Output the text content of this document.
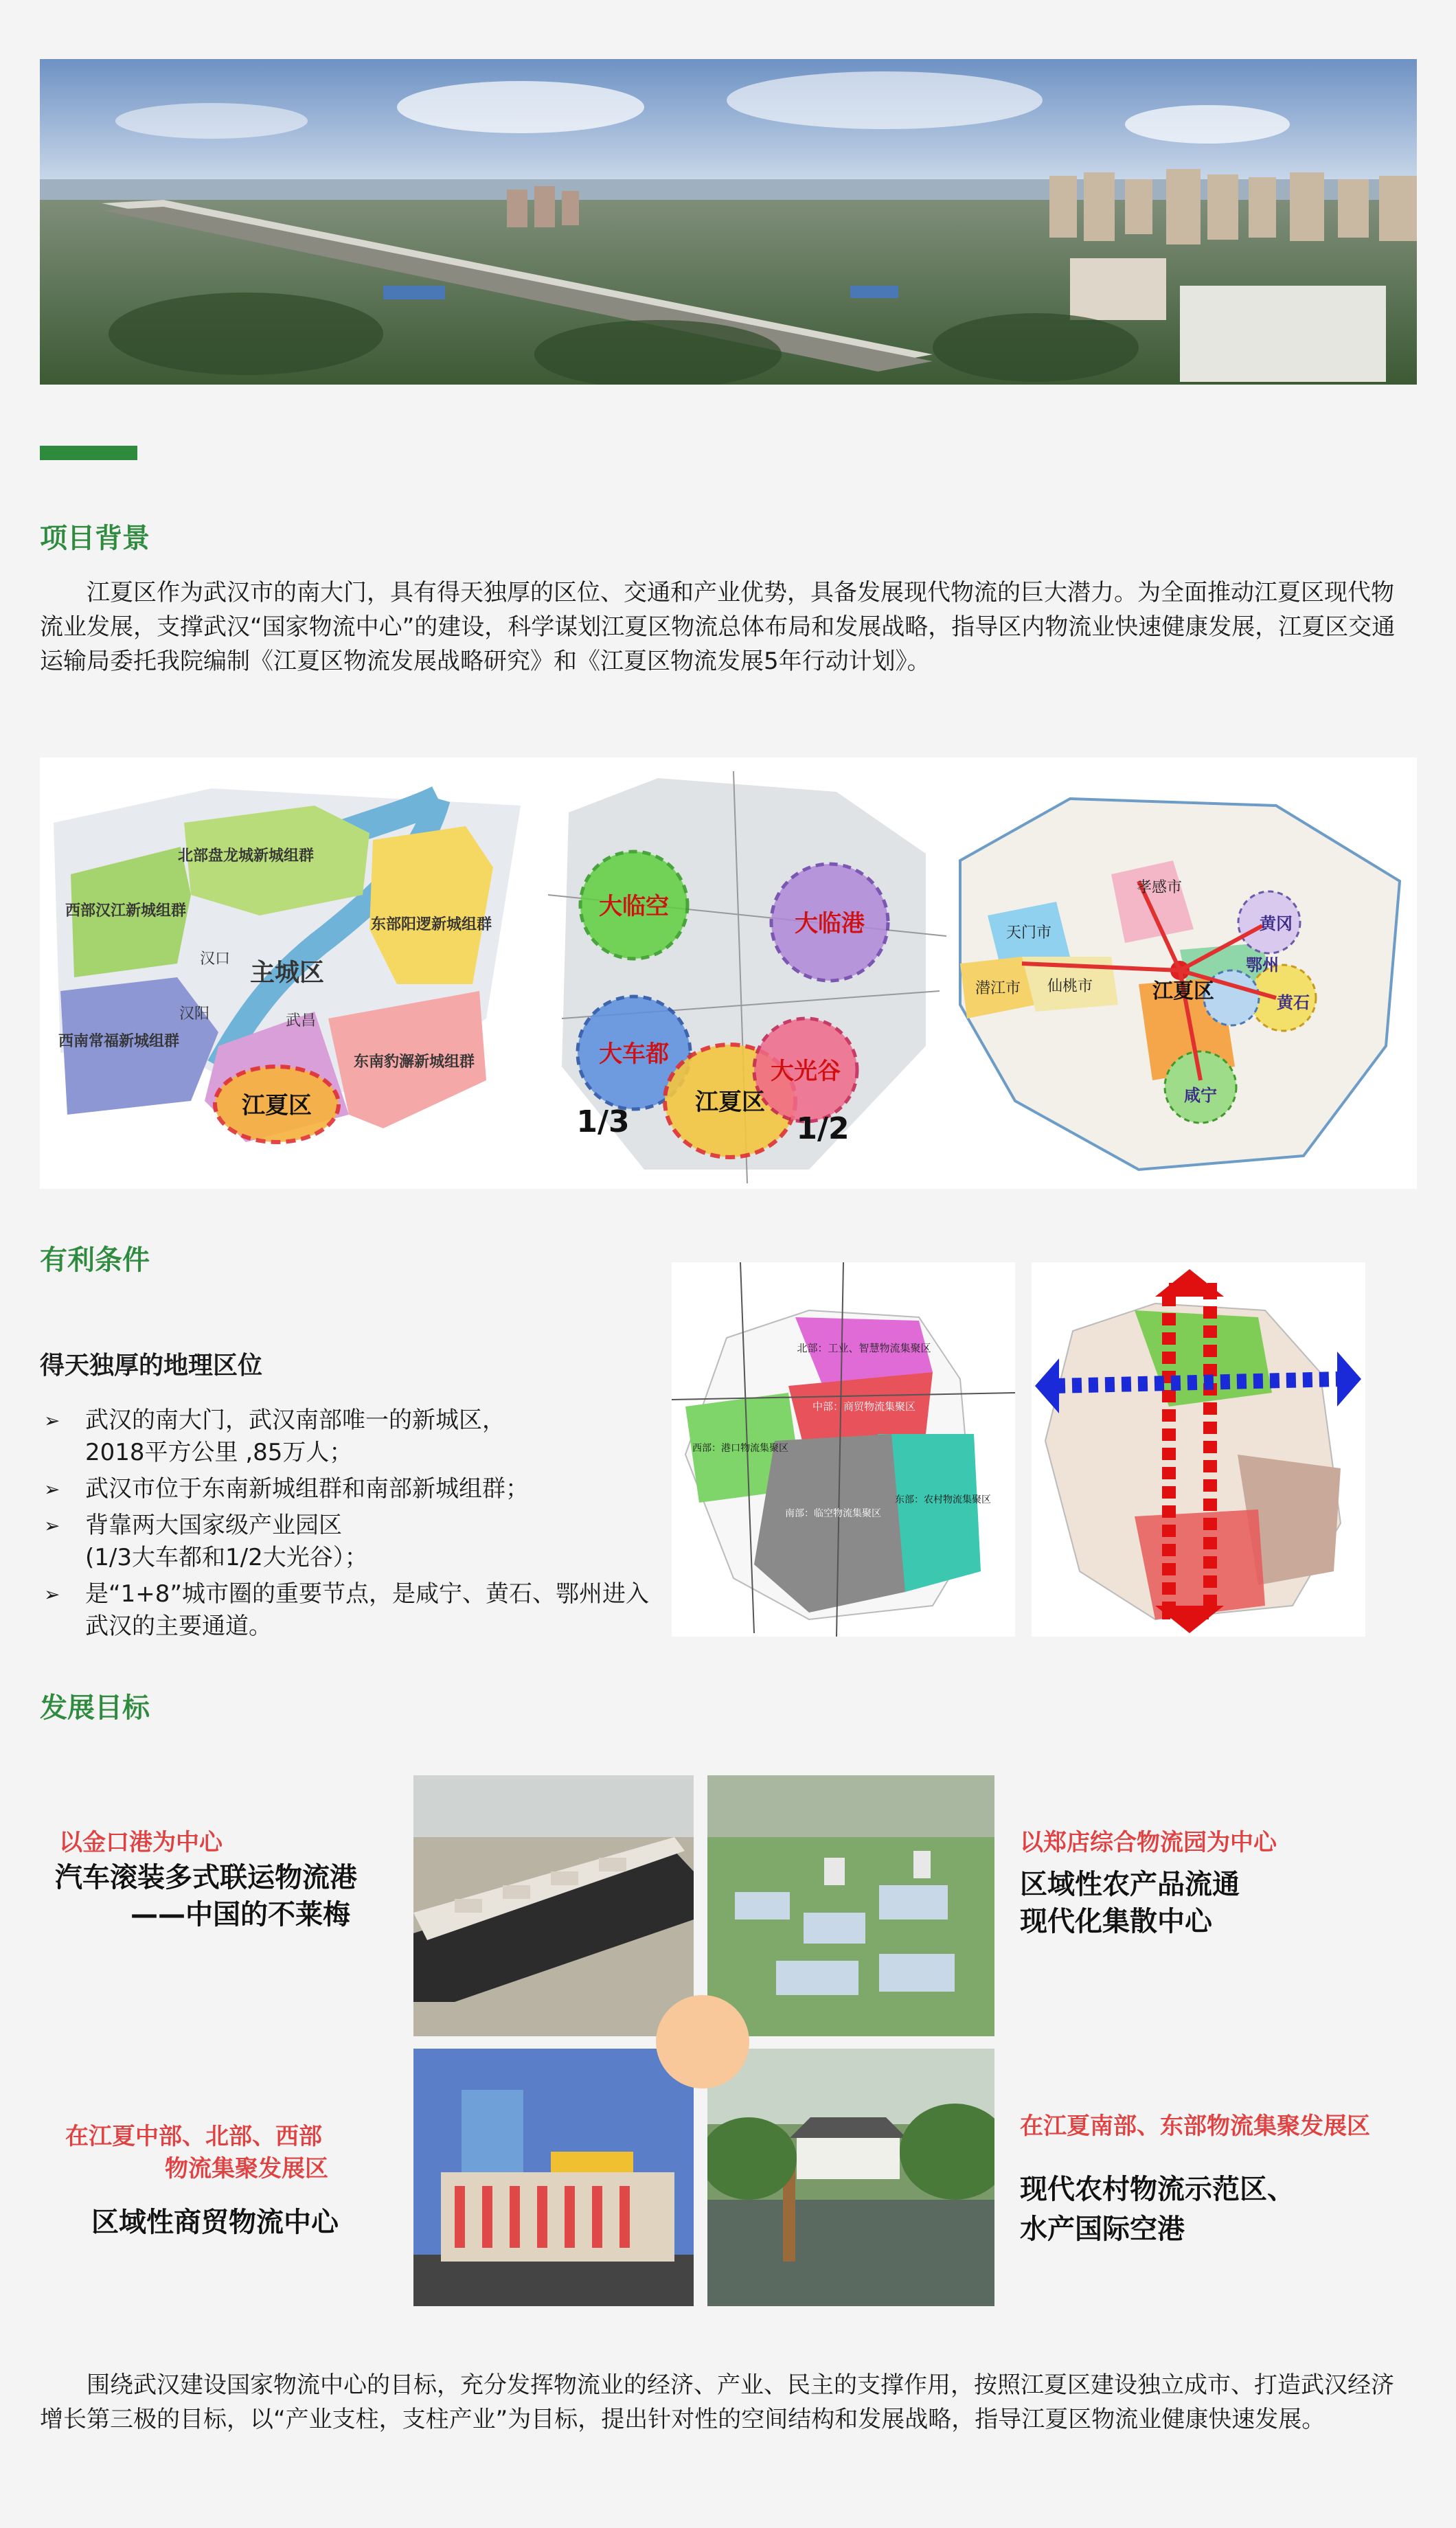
项目背景
江夏区作为武汉市的南大门，具有得天独厚的区位、交通和产业优势，具备发展现代物流的巨大潜力。为全面推动江夏区现代物流业发展，支撑武汉“国家物流中心”的建设，科学谋划江夏区物流总体布局和发展战略，指导区内物流业快速健康发展，江夏区交通运输局委托我院编制《江夏区物流发展战略研究》和《江夏区物流发展5年行动计划》。
北部盘龙城新城组群
西部汉江新城组群
东部阳逻新城组群
主城区
汉口
汉阳	武昌
西南常福新城组群
东南豹澥新城组群
江夏区
大临空
大临港
大车都
江夏区
大光谷
1/3	1/2
孝感市
天门市
潜江市 仙桃市	江夏区
黄冈
鄂州
黄石
咸宁
有利条件
得天独厚的地理区位
➢ 武汉的南大门，武汉南部唯一的新城区，
2018平方公里 ,85万人；
➢ 武汉市位于东南新城组群和南部新城组群；
➢ 背靠两大国家级产业园区
(1/3大车都和1/2大光谷）；
➢ 是“1+8”城市圈的重要节点，是咸宁、黄石、鄂州进入武汉的主要通道。
北部：工业、智慧物流集聚区
中部：商贸物流集聚区
西部：港口物流集聚区
东部：农村物流集聚区
南部：临空物流集聚区
发展目标
以金口港为中心
汽车滚装多式联运物流港
——中国的不莱梅
以郑店综合物流园为中心
区域性农产品流通
现代化集散中心
在江夏中部、北部、西部
物流集聚发展区
区域性商贸物流中心
在江夏南部、东部物流集聚发展区
现代农村物流示范区、
水产国际空港
围绕武汉建设国家物流中心的目标，充分发挥物流业的经济、产业、民主的支撑作用，按照江夏区建设独立成市、打造武汉经济增长第三极的目标，以“产业支柱，支柱产业”为目标，提出针对性的空间结构和发展战略，指导江夏区物流业健康快速发展。
